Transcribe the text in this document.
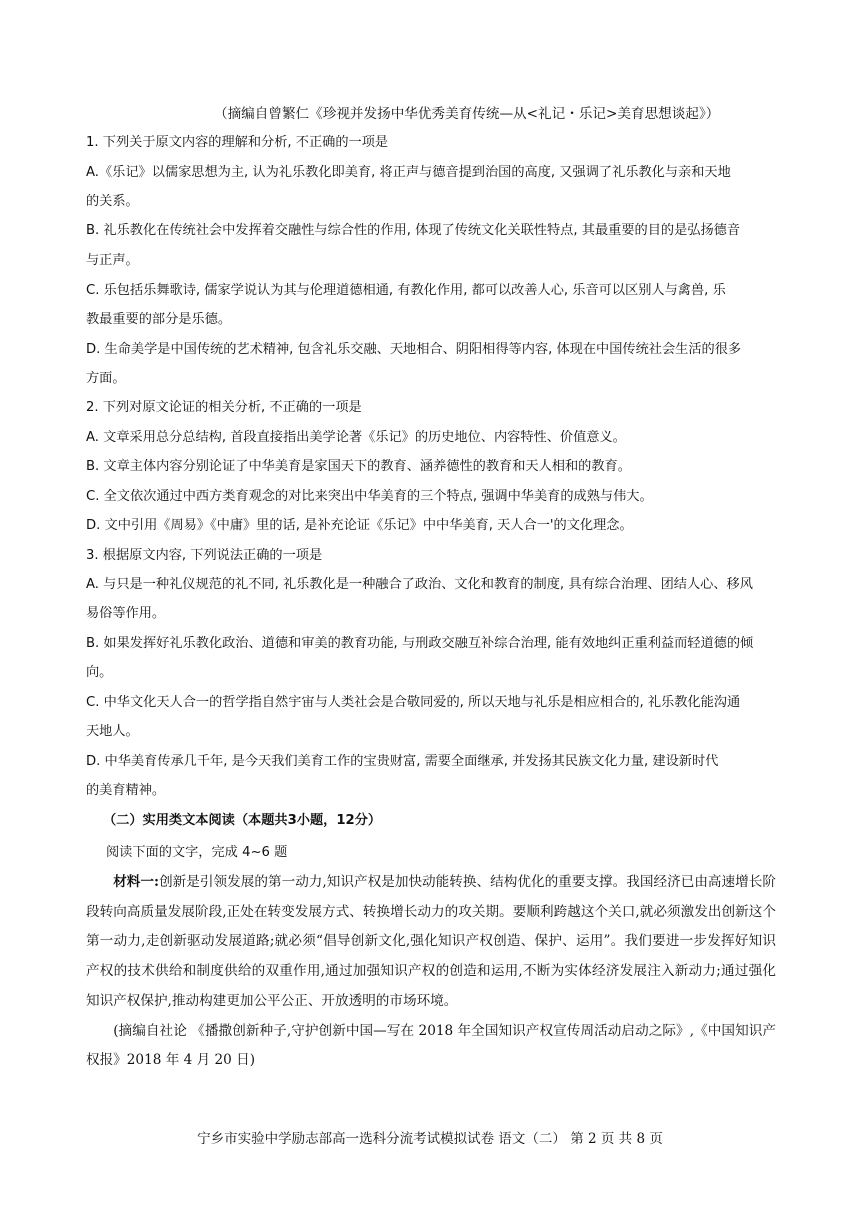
（摘编自曾繁仁《珍视并发扬中华优秀美育传统—从<礼记・乐记>美育思想谈起》）
1. 下列关于原文内容的理解和分析, 不正确的一项是
A.《乐记》以儒家思想为主, 认为礼乐教化即美育, 将正声与德音提到治国的高度, 又强调了礼乐教化与亲和天地
的关系。
B. 礼乐教化在传统社会中发挥着交融性与综合性的作用, 体现了传统文化关联性特点, 其最重要的目的是弘扬德音
与正声。
C. 乐包括乐舞歌诗, 儒家学说认为其与伦理道德相通, 有教化作用, 都可以改善人心, 乐音可以区别人与禽兽, 乐
教最重要的部分是乐德。
D. 生命美学是中国传统的艺术精神, 包含礼乐交融、天地相合、阴阳相得等内容, 体现在中国传统社会生活的很多
方面。
2. 下列对原文论证的相关分析, 不正确的一项是
A. 文章采用总分总结构, 首段直接指出美学论著《乐记》的历史地位、内容特性、价值意义。
B. 文章主体内容分别论证了中华美育是家国天下的教育、涵养德性的教育和天人相和的教育。
C. 全文依次通过中西方类育观念的对比来突出中华美育的三个特点, 强调中华美育的成熟与伟大。
D. 文中引用《周易》《中庸》里的话, 是补充论证《乐记》中中华美育, 天人合一'的文化理念。
3. 根据原文内容, 下列说法正确的一项是
A. 与只是一种礼仪规范的礼不同, 礼乐教化是一种融合了政治、文化和教育的制度, 具有综合治理、团结人心、移风
易俗等作用。
B. 如果发挥好礼乐教化政治、道德和审美的教育功能, 与刑政交融互补综合治理, 能有效地纠正重利益而轻道德的倾
向。
C. 中华文化天人合一的哲学指自然宇宙与人类社会是合敬同爱的, 所以天地与礼乐是相应相合的, 礼乐教化能沟通
天地人。
D. 中华美育传承几千年, 是今天我们美育工作的宝贵财富, 需要全面继承, 并发扬其民族文化力量, 建设新时代
的美育精神。
（二）实用类文本阅读（本题共3小题，12分）
阅读下面的文字，完成 4~6 题

材料一:创新是引领发展的第一动力,知识产权是加快动能转换、结构优化的重要支撑。我国经济已由高速增长阶段转向高质量发展阶段,正处在转变发展方式、转换增长动力的攻关期。要顺利跨越这个关口,就必须激发出创新这个第一动力,走创新驱动发展道路;就必须“倡导创新文化,强化知识产权创造、保护、运用”。我们要进一步发挥好知识产权的技术供给和制度供给的双重作用,通过加强知识产权的创造和运用,不断为实体经济发展注入新动力;通过强化知识产权保护,推动构建更加公平公正、开放透明的市场环境。

(摘编自社论 《播撒创新种子,守护创新中国—写在 2018 年全国知识产权宣传周活动启动之际》,《中国知识产权报》2018 年 4 月 20 日)

宁乡市实验中学励志部高一选科分流考试模拟试卷 语文（二） 第 2 页 共 8 页
